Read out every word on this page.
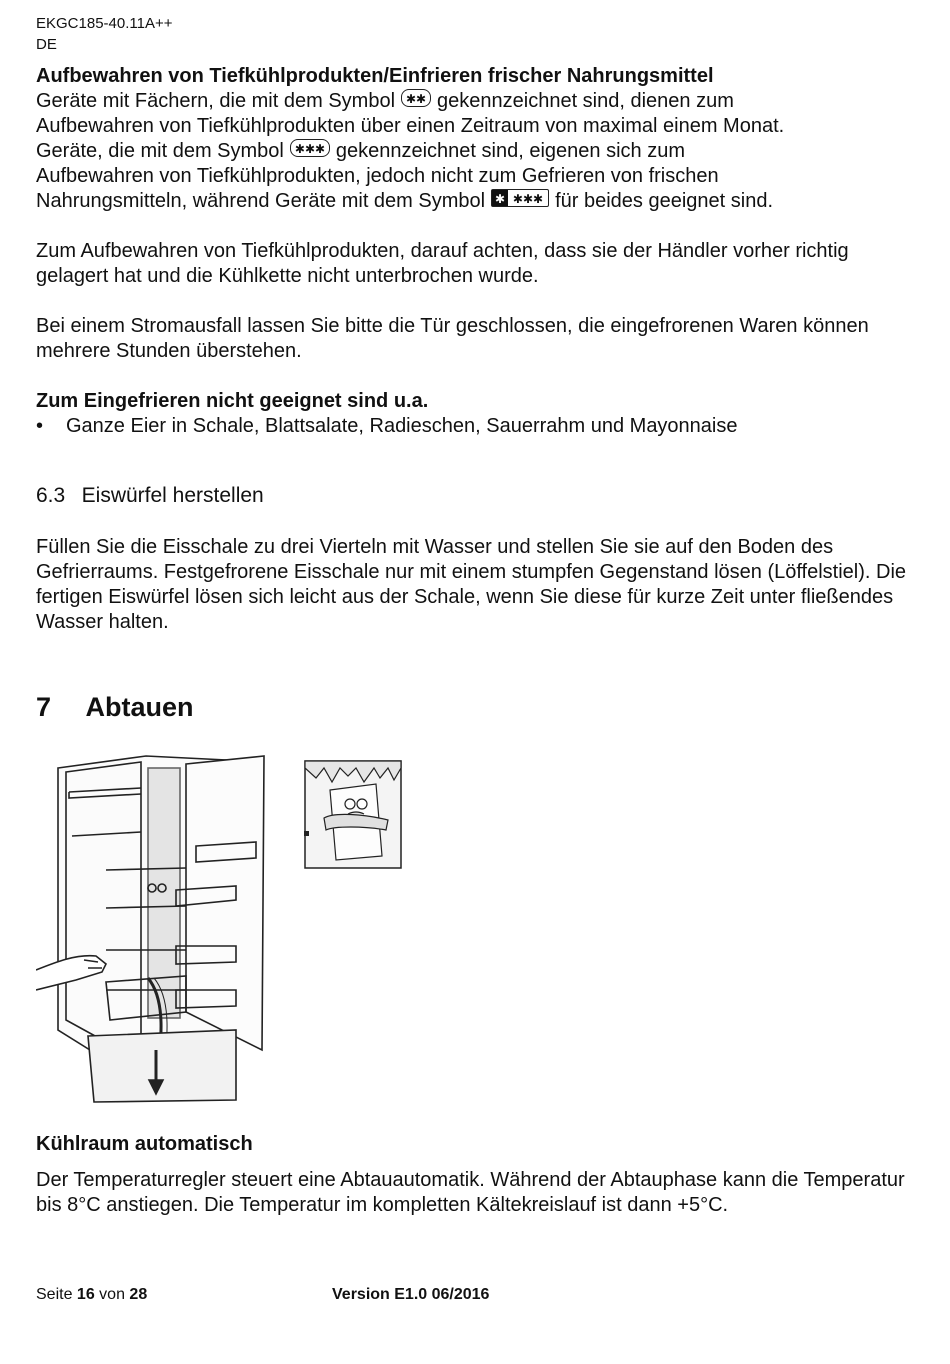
EKGC185-40.11A++
DE

Aufbewahren von Tiefkühlprodukten/Einfrieren frischer Nahrungsmittel

Geräte mit Fächern, die mit dem Symbol ✱✱ gekennzeichnet sind, dienen zum
Aufbewahren von Tiefkühlprodukten über einen Zeitraum von maximal einem Monat.
Geräte, die mit dem Symbol ✱✱✱ gekennzeichnet sind, eigenen sich zum
Aufbewahren von Tiefkühlprodukten, jedoch nicht zum Gefrieren von frischen
Nahrungsmitteln, während Geräte mit dem Symbol ✱ ✱✱✱ für beides geeignet sind.

Zum Aufbewahren von Tiefkühlprodukten, darauf achten, dass sie der Händler vorher richtig gelagert hat und die Kühlkette nicht unterbrochen wurde.

Bei einem Stromausfall lassen Sie bitte die Tür geschlossen, die eingefrorenen Waren können mehrere Stunden überstehen.

Zum Eingefrieren nicht geeignet sind u.a.

•	Ganze Eier in Schale, Blattsalate, Radieschen, Sauerrahm und Mayonnaise
6.3 Eiswürfel herstellen

Füllen Sie die Eisschale zu drei Vierteln mit Wasser und stellen Sie sie auf den Boden des Gefrierraums. Festgefrorene Eisschale nur mit einem stumpfen Gegenstand lösen (Löffelstiel). Die fertigen Eiswürfel lösen sich leicht aus der Schale, wenn Sie diese für kurze Zeit unter fließendes Wasser halten.

7 Abtauen

Kühlraum automatisch

Der Temperaturregler steuert eine Abtauautomatik. Während der Abtauphase kann die Temperatur bis 8°C anstiegen. Die Temperatur im kompletten Kältekreislauf ist dann +5°C.

Seite 16 von 28	Version E1.0 06/2016
